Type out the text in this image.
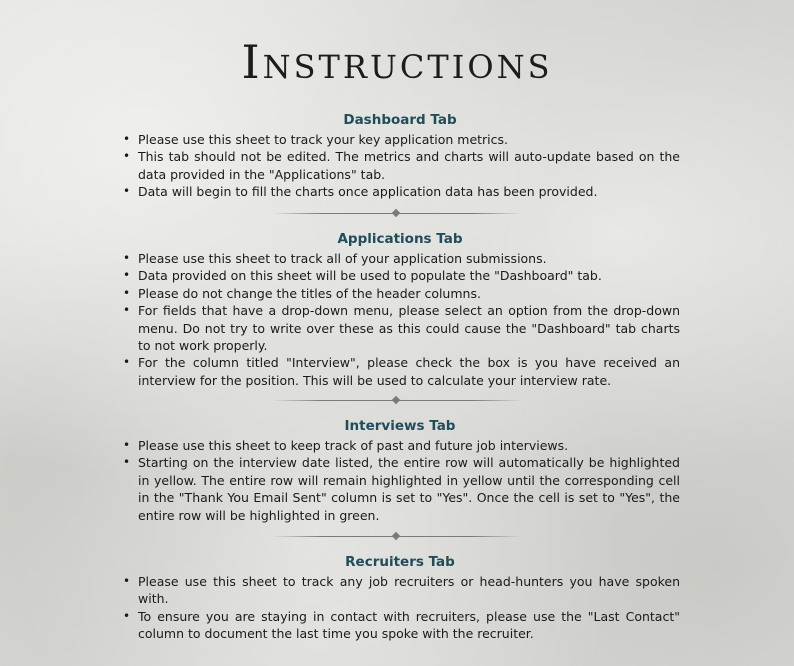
Instructions
Dashboard Tab
• Please use this sheet to track your key application metrics.
• This tab should not be edited. The metrics and charts will auto-update based on the data provided in the "Applications" tab.
• Data will begin to fill the charts once application data has been provided.
Applications Tab
• Please use this sheet to track all of your application submissions.
• Data provided on this sheet will be used to populate the "Dashboard" tab.
• Please do not change the titles of the header columns.
• For fields that have a drop-down menu, please select an option from the drop-down menu. Do not try to write over these as this could cause the "Dashboard" tab charts to not work properly.
• For the column titled "Interview", please check the box is you have received an interview for the position. This will be used to calculate your interview rate.
Interviews Tab
• Please use this sheet to keep track of past and future job interviews.
• Starting on the interview date listed, the entire row will automatically be highlighted in yellow. The entire row will remain highlighted in yellow until the corresponding cell in the "Thank You Email Sent" column is set to "Yes". Once the cell is set to "Yes", the entire row will be highlighted in green.
Recruiters Tab
• Please use this sheet to track any job recruiters or head-hunters you have spoken with.
• To ensure you are staying in contact with recruiters, please use the "Last Contact" column to document the last time you spoke with the recruiter.
